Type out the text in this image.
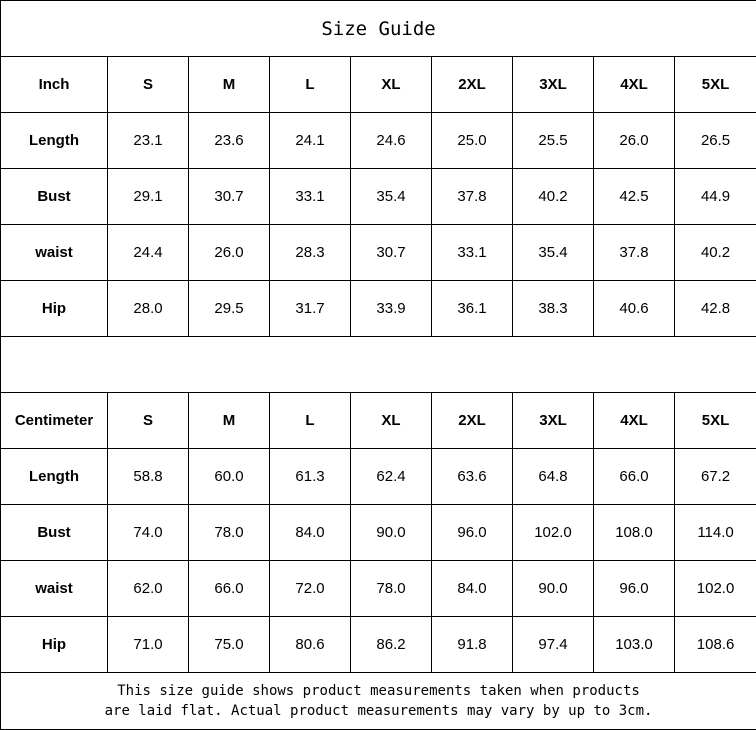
Size Guide								
Inch	S	M	L	XL	2XL	3XL	4XL	5XL
Length	23.1	23.6	24.1	24.6	25.0	25.5	26.0	26.5
Bust	29.1	30.7	33.1	35.4	37.8	40.2	42.5	44.9
waist	24.4	26.0	28.3	30.7	33.1	35.4	37.8	40.2
Hip	28.0	29.5	31.7	33.9	36.1	38.3	40.6	42.8

Centimeter	S	M	L	XL	2XL	3XL	4XL	5XL
Length	58.8	60.0	61.3	62.4	63.6	64.8	66.0	67.2
Bust	74.0	78.0	84.0	90.0	96.0	102.0	108.0	114.0
waist	62.0	66.0	72.0	78.0	84.0	90.0	96.0	102.0
Hip	71.0	75.0	80.6	86.2	91.8	97.4	103.0	108.6

This size guide shows product measurements taken when products
are laid flat. Actual product measurements may vary by up to 3cm.								
